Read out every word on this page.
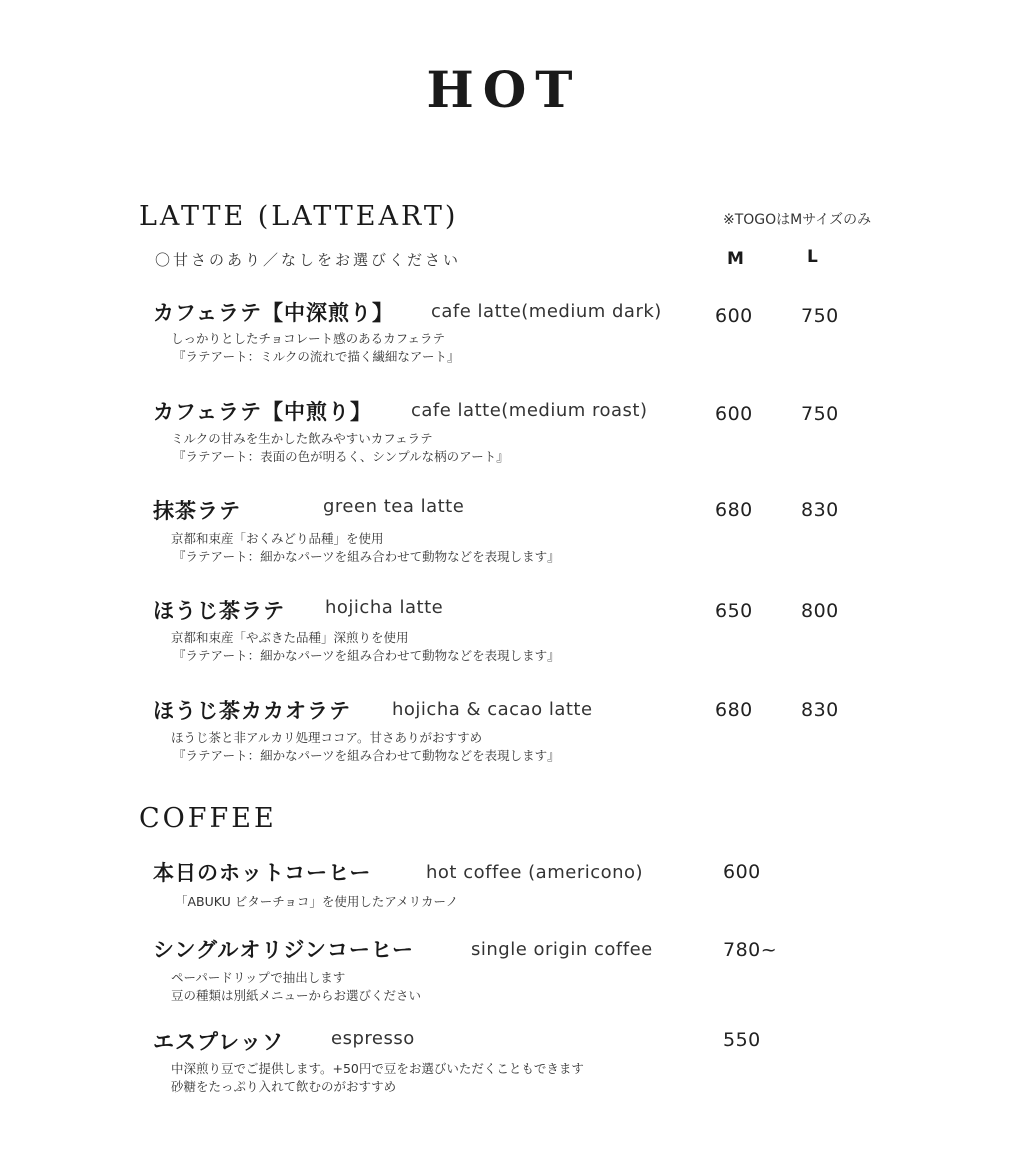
HOT
LATTE (LATTEART)	※TOGOはMサイズのみ
〇甘さのあり／なしをお選びください	M	L
カフェラテ【中深煎り】 cafe latte(medium dark)	600	750
しっかりとしたチョコレート感のあるカフェラテ
『ラテアート：ミルクの流れで描く繊細なアート』
カフェラテ【中煎り】 cafe latte(medium roast)	600	750
ミルクの甘みを生かした飲みやすいカフェラテ
『ラテアート：表面の色が明るく、シンプルな柄のアート』
抹茶ラテ	green tea latte	680	830
京都和束産「おくみどり品種」を使用
『ラテアート：細かなパーツを組み合わせて動物などを表現します』
ほうじ茶ラテ hojicha latte	650	800
京都和束産「やぶきた品種」深煎りを使用
『ラテアート：細かなパーツを組み合わせて動物などを表現します』
ほうじ茶カカオラテ hojicha & cacao latte	680	830
ほうじ茶と非アルカリ処理ココア。甘さありがおすすめ
『ラテアート：細かなパーツを組み合わせて動物などを表現します』
COFFEE
本日のホットコーヒー	hot coffee (americono)	600
「ABUKU ビターチョコ」を使用したアメリカーノ
シングルオリジンコーヒー	single origin coffee	780~
ペーパードリップで抽出します
豆の種類は別紙メニューからお選びください
エスプレッソ	espresso	550
中深煎り豆でご提供します。+50円で豆をお選びいただくこともできます
砂糖をたっぷり入れて飲むのがおすすめ
